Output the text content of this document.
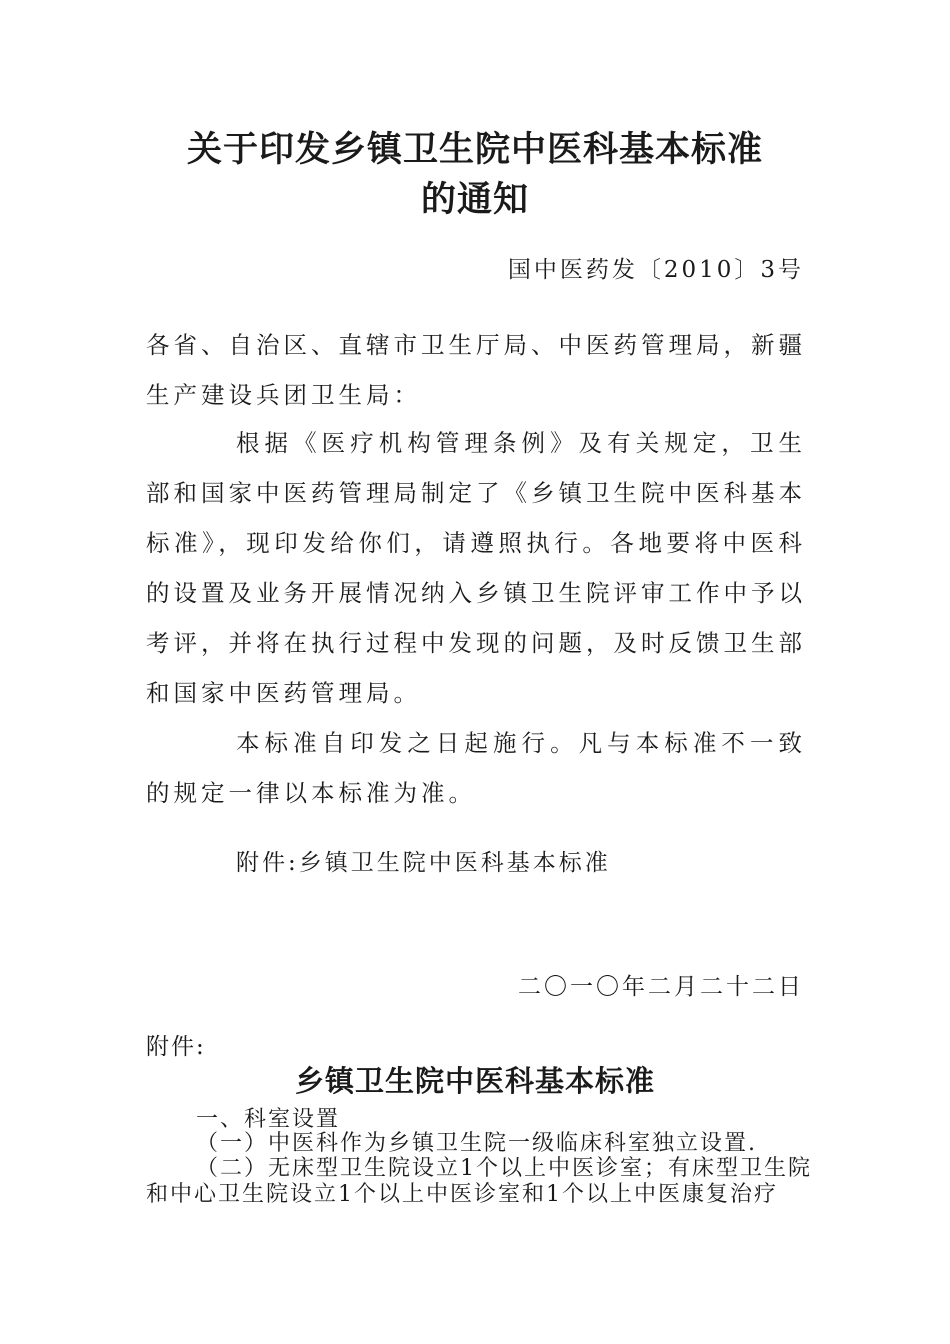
关于印发乡镇卫生院中医科基本标准
的通知
国中医药发〔2010〕3号

各省、自治区、直辖市卫生厅局、中医药管理局，新疆生产建设兵团卫生局：

根据《医疗机构管理条例》及有关规定，卫生部和国家中医药管理局制定了《乡镇卫生院中医科基本标准》，现印发给你们，请遵照执行。各地要将中医科的设置及业务开展情况纳入乡镇卫生院评审工作中予以考评，并将在执行过程中发现的问题，及时反馈卫生部和国家中医药管理局。

本标准自印发之日起施行。凡与本标准不一致的规定一律以本标准为准。

附件:乡镇卫生院中医科基本标准
二〇一〇年二月二十二日
附件:
乡镇卫生院中医科基本标准
一、科室设置
（一）中医科作为乡镇卫生院一级临床科室独立设置.
（二）无床型卫生院设立1个以上中医诊室；有床型卫生院
和中心卫生院设立1个以上中医诊室和1个以上中医康复治疗
